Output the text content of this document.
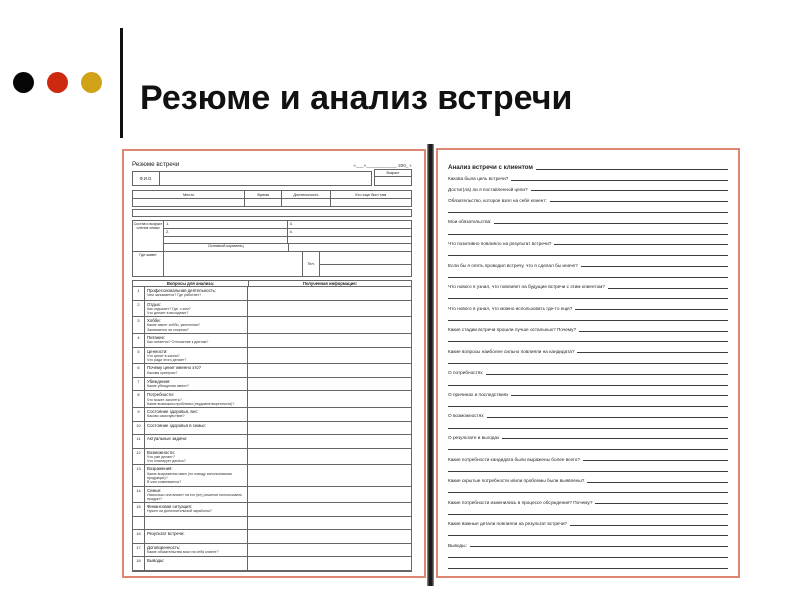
Резюме и анализ встречи
Резюме встречи	«___»____________ 200_ г.
Ф.И.О.
Возраст
Место	Время	Длительность	Кто еще был там
Состав и возраст членов семьи
1.	3.
2.	4.
Основной кормилец
Где живет
Тел.
Вопросы для анализа:	Полученная информация:
1	Профессиональная деятельность:
Чем занимается? Где работает?
2	Отдых:
Как отдыхает? Где, с кем?
Что делает в выходные?
3	Хобби:
Какие имеет хобби, увлечения?
Занимается ли спортом?
4	Питание:
Как питается? Отношение к диетам?
5	Ценности:
Что ценит в жизни?
Что ради этого делает?
6	Почему ценит именно это?
Каковы критерии?
7	Убеждения:
Какие убеждения имеет?
8	Потребности:
Что может захотеть?
Какие возможны проблемы (неудовлетворенности)?
9	Состояние здоровья, вес:
Каково самочувствие?
10	Состояние здоровья в семье:
11	Актуальные задачи:
12	Возможности:
Что уже делает?
Что планирует делать?
13	Возражения:
Какие возражения имел (по поводу использования продукции)?
В чем сомневается?
14	Семья:
Насколько она влияет на его (ее) решение использовать продукт?
15	Финансовая ситуация:
Нужен ли дополнительный заработок?
16	Результат встречи:
17	Договоренность:
Какие обязательства взял на себя клиент?
18	Выводы:
Анализ встречи с клиентом
Какова была цель встречи?
Достиг(ла) ли я поставленной цели?
Обязательство, которое взял на себя клиент:
Мои обязательства:
Что позитивно повлияло на результат встречи?
Если бы я опять проводил встречу, что я сделал бы иначе?
Что нового я узнал, что повлияет на будущие встречи с этим клиентом?
Что нового я узнал, что можно использовать где-то еще?
Какие стадии встречи прошли лучше остальных? Почему?
Какие вопросы наиболее сильно повлияли на кандидата?
О потребностях
О причинах и последствиях
О возможностях
О результате и выгодах
Какие потребности кандидата были выражены более всего?
Какие скрытые потребности и/или проблемы были выявлены?
Какие потребности изменились в процессе обсуждения? Почему?
Какие важные детали повлияли на результат встречи?
Выводы:
